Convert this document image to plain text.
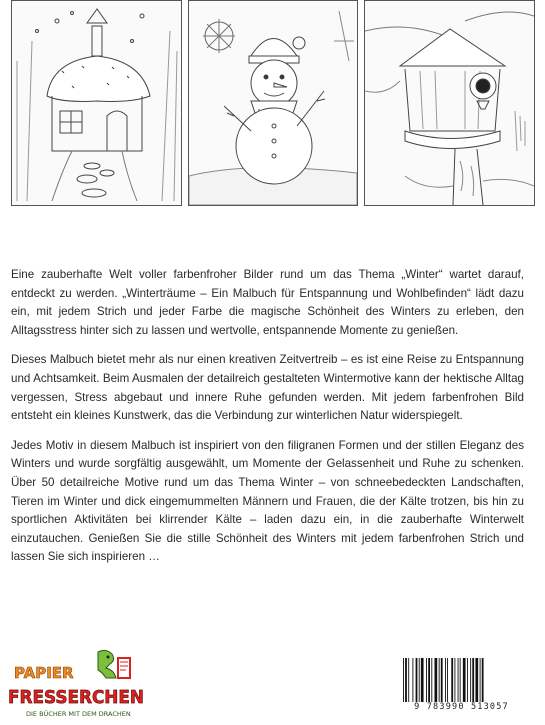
Eine zauberhafte Welt voller farbenfroher Bilder rund um das Thema „Winter“ wartet darauf, entdeckt zu werden. „Winterträume – Ein Malbuch für Entspannung und Wohlbefinden“ lädt dazu ein, mit jedem Strich und jeder Farbe die magische Schönheit des Winters zu erleben, den Alltagsstress hinter sich zu lassen und wertvolle, entspannende Momente zu genießen.

Dieses Malbuch bietet mehr als nur einen kreativen Zeitvertreib – es ist eine Reise zu Entspannung und Achtsamkeit. Beim Ausmalen der detailreich gestalteten Wintermotive kann der hektische Alltag vergessen, Stress abgebaut und innere Ruhe gefunden werden. Mit jedem farbenfrohen Bild entsteht ein kleines Kunstwerk, das die Verbindung zur winterlichen Natur widerspiegelt.

Jedes Motiv in diesem Malbuch ist inspiriert von den filigranen Formen und der stillen Eleganz des Winters und wurde sorgfältig ausgewählt, um Momente der Gelassenheit und Ruhe zu schenken. Über 50 detailreiche Motive rund um das Thema Winter – von schneebedeckten Landschaften, Tieren im Winter und dick eingemummelten Männern und Frauen, die der Kälte trotzen, bis hin zu sportlichen Aktivitäten bei klirrender Kälte – laden dazu ein, in die zauberhafte Winterwelt einzutauchen. Genießen Sie die stille Schönheit des Winters mit jedem farbenfrohen Strich und lassen Sie sich inspirieren …

PAPIER
FRESSERCHEN
DIE BÜCHER MIT DEM DRACHEN
9 783990 513057
